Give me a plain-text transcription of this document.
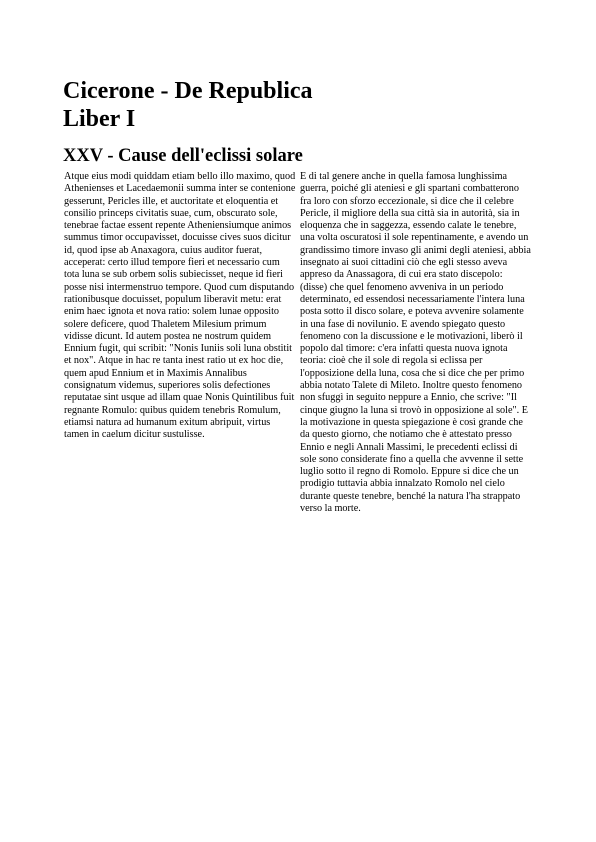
Cicerone - De Republica
Liber I
XXV - Cause dell'eclissi solare
Atque eius modi quiddam etiam bello illo maximo, quod
Athenienses et Lacedaemonii summa inter se contenione
gesserunt, Pericles ille, et auctoritate et eloquentia et
consilio princeps civitatis suae, cum, obscurato sole,
tenebrae factae essent repente Atheniensiumque animos
summus timor occupavisset, docuisse cives suos dicitur
id, quod ipse ab Anaxagora, cuius auditor fuerat,
acceperat: certo illud tempore fieri et necessario cum
tota luna se sub orbem solis subiecisset, neque id fieri
posse nisi intermenstruo tempore. Quod cum disputando
rationibusque docuisset, populum liberavit metu: erat
enim haec ignota et nova ratio: solem lunae opposito
solere deficere, quod Thaletem Milesium primum
vidisse dicunt. Id autem postea ne nostrum quidem
Ennium fugit, qui scribit: "Nonis Iuniis soli luna obstitit
et nox". Atque in hac re tanta inest ratio ut ex hoc die,
quem apud Ennium et in Maximis Annalibus
consignatum videmus, superiores solis defectiones
reputatae sint usque ad illam quae Nonis Quintilibus fuit
regnante Romulo: quibus quidem tenebris Romulum,
etiamsi natura ad humanum exitum abripuit, virtus
tamen in caelum dicitur sustulisse.
E di tal genere anche in quella famosa lunghissima
guerra, poiché gli ateniesi e gli spartani combatterono
fra loro con sforzo eccezionale, si dice che il celebre
Pericle, il migliore della sua città sia in autorità, sia in
eloquenza che in saggezza, essendo calate le tenebre,
una volta oscuratosi il sole repentinamente, e avendo un
grandissimo timore invaso gli animi degli ateniesi, abbia
insegnato ai suoi cittadini ciò che egli stesso aveva
appreso da Anassagora, di cui era stato discepolo:
(disse) che quel fenomeno avveniva in un periodo
determinato, ed essendosi necessariamente l'intera luna
posta sotto il disco solare, e poteva avvenire solamente
in una fase di novilunio. E avendo spiegato questo
fenomeno con la discussione e le motivazioni, liberò il
popolo dal timore: c'era infatti questa nuova ignota
teoria: cioè che il sole di regola si eclissa per
l'opposizione della luna, cosa che si dice che per primo
abbia notato Talete di Mileto. Inoltre questo fenomeno
non sfuggì in seguito neppure a Ennio, che scrive: "Il
cinque giugno la luna si trovò in opposizione al sole". E
la motivazione in questa spiegazione è così grande che
da questo giorno, che notiamo che è attestato presso
Ennio e negli Annali Massimi, le precedenti eclissi di
sole sono considerate fino a quella che avvenne il sette
luglio sotto il regno di Romolo. Eppure si dice che un
prodigio tuttavia abbia innalzato Romolo nel cielo
durante queste tenebre, benché la natura l'ha strappato
verso la morte.
